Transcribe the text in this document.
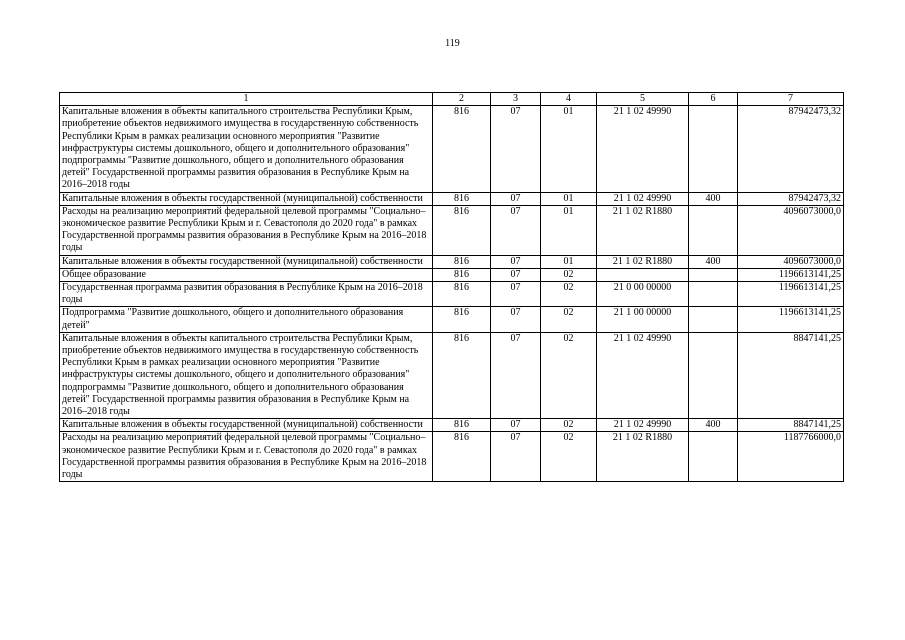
119
1	2	3	4	5	6	7
Капитальные вложения в объекты капитального строительства Республики Крым, приобретение объектов недвижимого имущества в государственную собственность Республики Крым в рамках реализации основного мероприятия "Развитие инфраструктуры системы дошкольного, общего и дополнительного образования" подпрограммы "Развитие дошкольного, общего и дополнительного образования детей" Государственной программы развития образования в Республике Крым на 2016–2018 годы	816	07	01	21 1 02 49990		87942473,32
Капитальные вложения в объекты государственной (муниципальной) собственности	816	07	01	21 1 02 49990	400	87942473,32
Расходы на реализацию мероприятий федеральной целевой программы "Социально–экономическое развитие Республики Крым и г. Севастополя до 2020 года" в рамках Государственной программы развития образования в Республике Крым на 2016–2018 годы	816	07	01	21 1 02 R1880		4096073000,0
Капитальные вложения в объекты государственной (муниципальной) собственности	816	07	01	21 1 02 R1880	400	4096073000,0
Общее образование	816	07	02			1196613141,25
Государственная программа развития образования в Республике Крым на 2016–2018 годы	816	07	02	21 0 00 00000		1196613141,25
Подпрограмма "Развитие дошкольного, общего и дополнительного образования детей"	816	07	02	21 1 00 00000		1196613141,25
Капитальные вложения в объекты капитального строительства Республики Крым, приобретение объектов недвижимого имущества в государственную собственность Республики Крым в рамках реализации основного мероприятия "Развитие инфраструктуры системы дошкольного, общего и дополнительного образования" подпрограммы "Развитие дошкольного, общего и дополнительного образования детей" Государственной программы развития образования в Республике Крым на 2016–2018 годы	816	07	02	21 1 02 49990		8847141,25
Капитальные вложения в объекты государственной (муниципальной) собственности	816	07	02	21 1 02 49990	400	8847141,25
Расходы на реализацию мероприятий федеральной целевой программы "Социально–экономическое развитие Республики Крым и г. Севастополя до 2020 года" в рамках Государственной программы развития образования в Республике Крым на 2016–2018 годы	816	07	02	21 1 02 R1880		1187766000,0
